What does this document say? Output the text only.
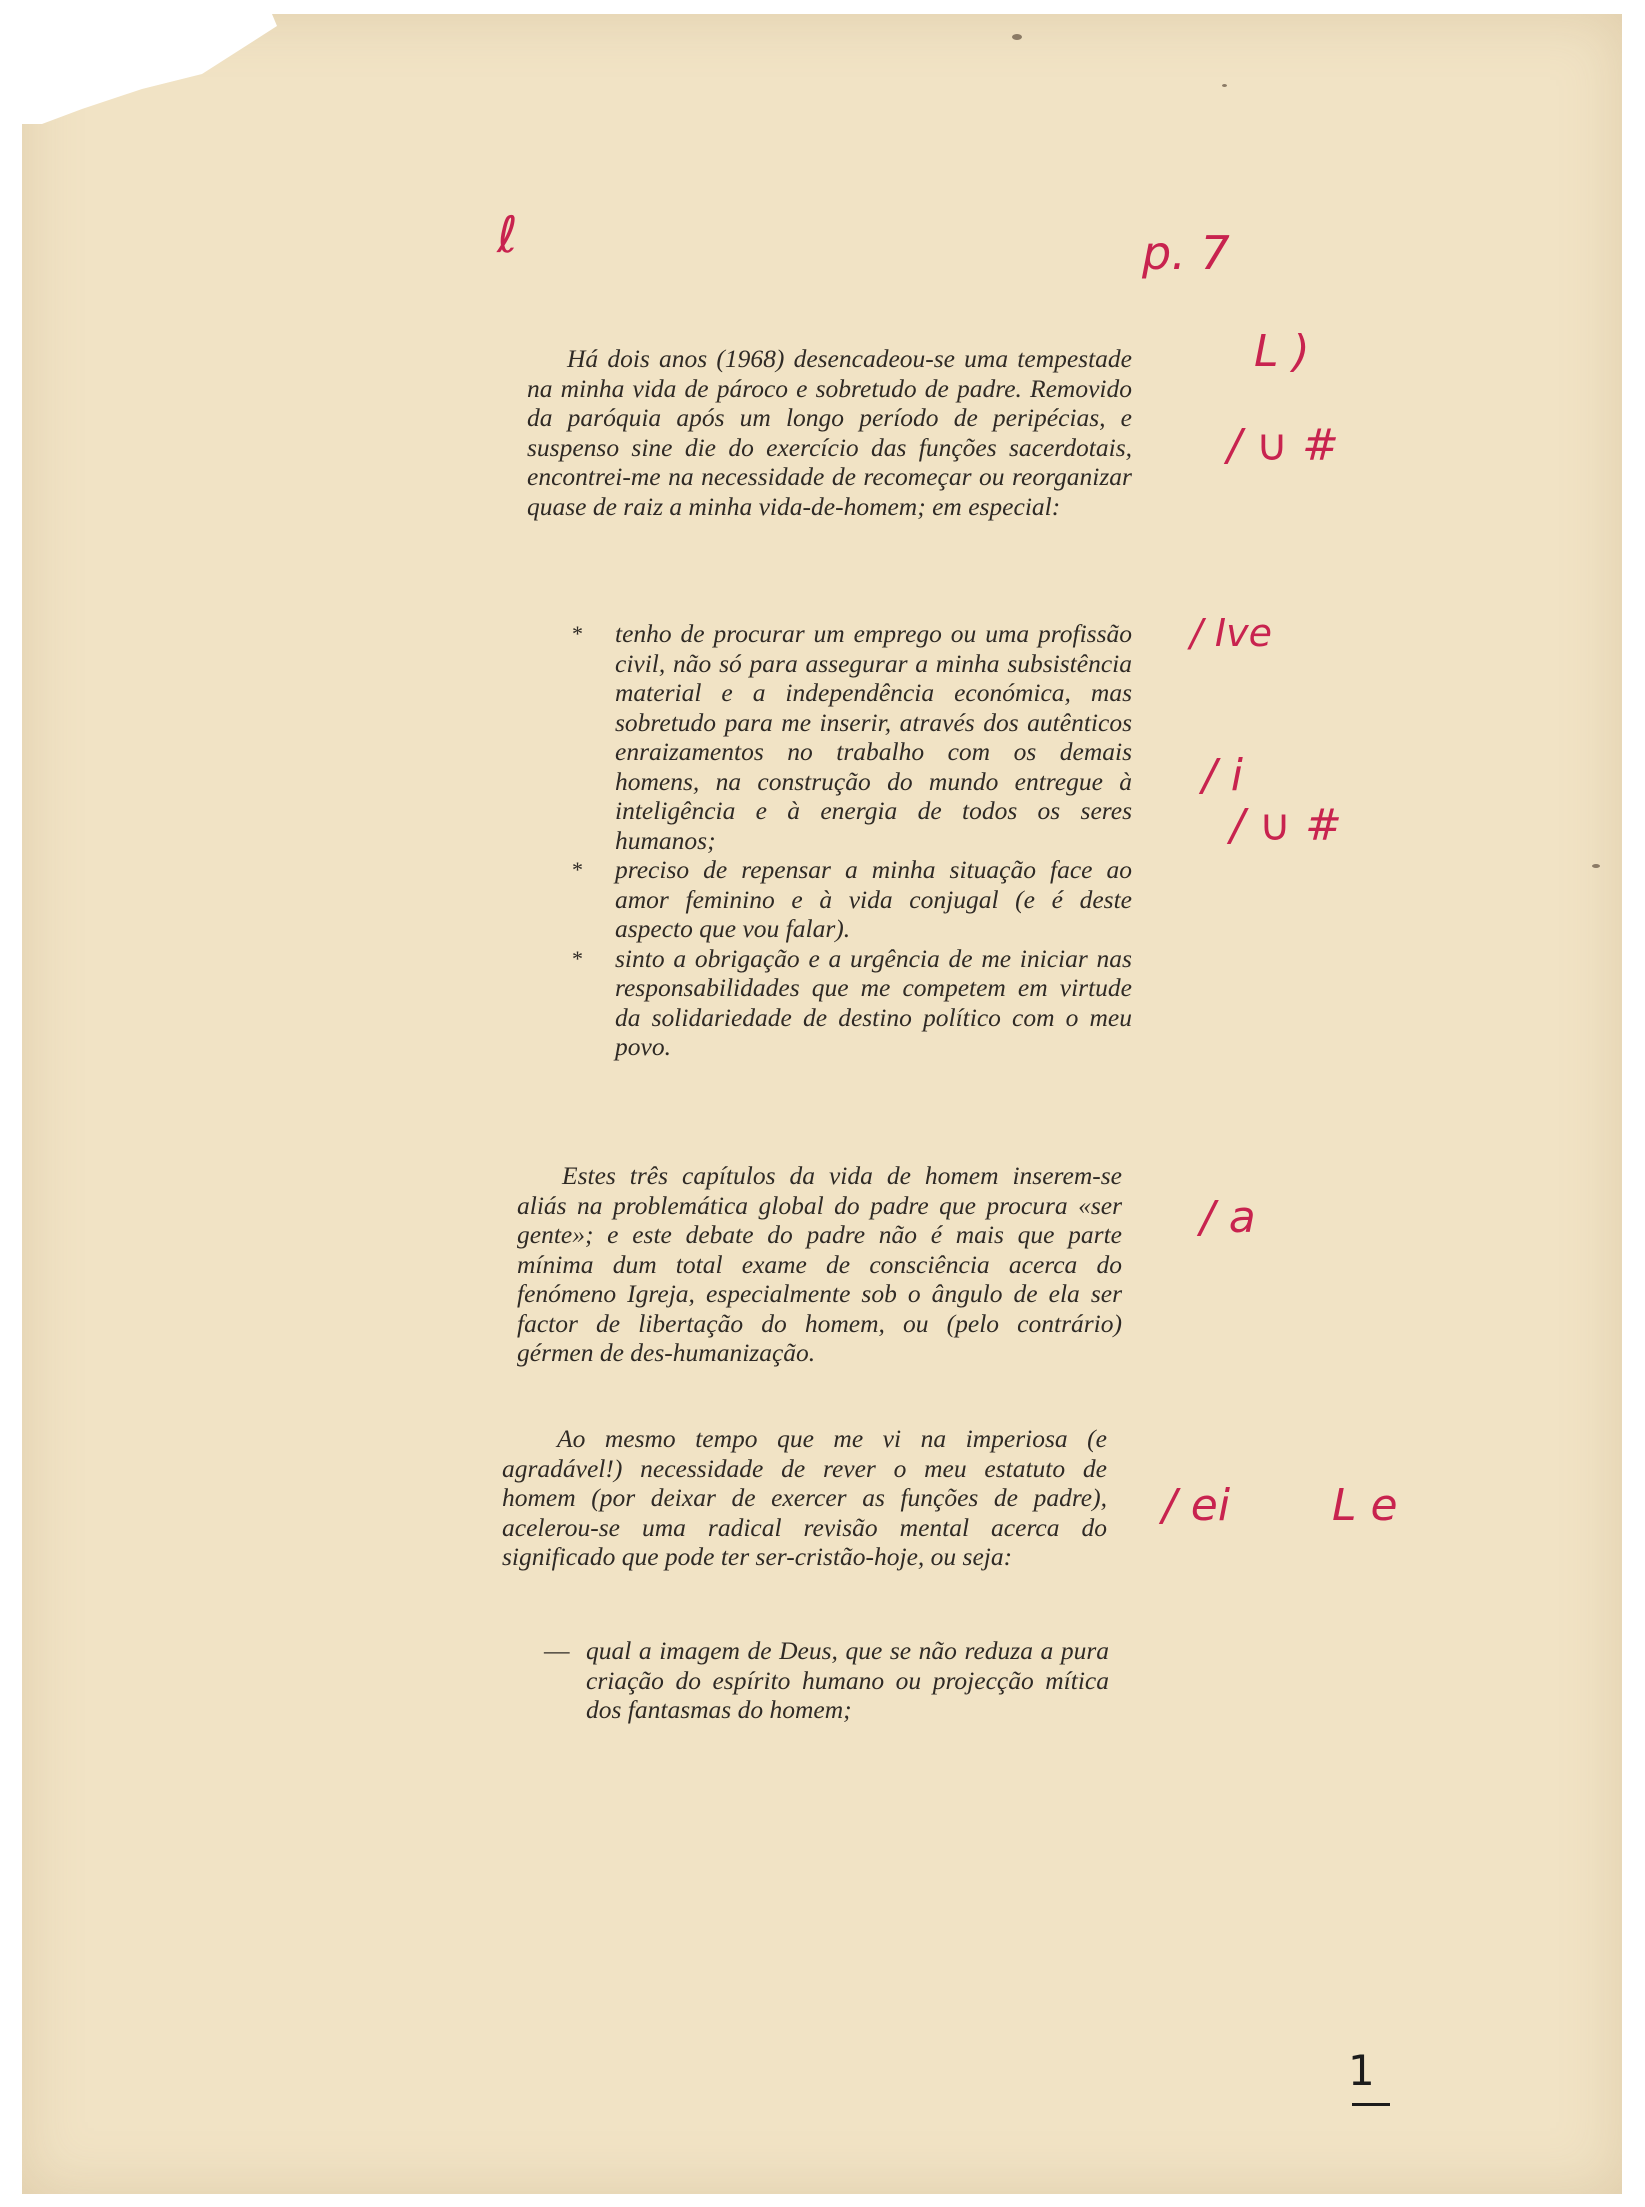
Há dois anos (1968) desencadeou-se uma tempestade na minha vida de pároco e sobretudo de padre. Removido da paróquia após um longo período de peripécias, e suspenso sine die do exercício das funções sacerdotais, encontrei-me na necessidade de recomeçar ou reorganizar quase de raiz a minha vida-de-homem; em especial:

* tenho de procurar um emprego ou uma profissão civil, não só para assegurar a minha subsistência material e a independência económica, mas sobretudo para me inserir, através dos autênticos enraizamentos no trabalho com os demais homens, na construção do mundo entregue à inteligência e à energia de todos os seres humanos;

* preciso de repensar a minha situação face ao amor feminino e à vida conjugal (e é deste aspecto que vou falar).

* sinto a obrigação e a urgência de me iniciar nas responsabilidades que me competem em virtude da solidariedade de destino político com o meu povo.

Estes três capítulos da vida de homem inserem-se aliás na problemática global do padre que procura «ser gente»; e este debate do padre não é mais que parte mínima dum total exame de consciência acerca do fenómeno Igreja, especialmente sob o ângulo de ela ser factor de libertação do homem, ou (pelo contrário) gérmen de des-humanização.

Ao mesmo tempo que me vi na imperiosa (e agradável!) necessidade de rever o meu estatuto de homem (por deixar de exercer as funções de padre), acelerou-se uma radical revisão mental acerca do significado que pode ter ser-cristão-hoje, ou seja:

— qual a imagem de Deus, que se não reduza a pura criação do espírito humano ou projecção mítica dos fantasmas do homem;

ℓ	p. 7
L )
/ ∪ #
/ Ive
/ i
/ ∪ #
/ a
/ ei L e
1
